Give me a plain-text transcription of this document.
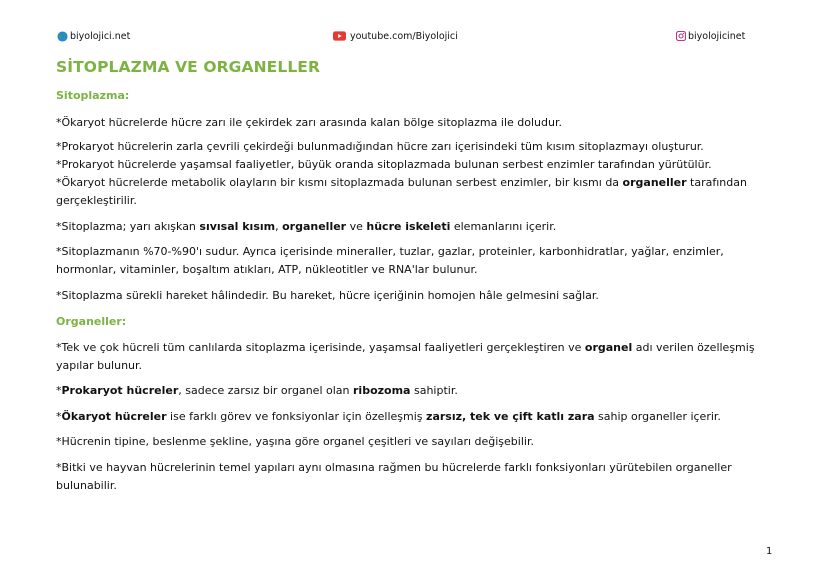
biyolojici.net	youtube.com/Biyolojici	biyolojicinet
SİTOPLAZMA VE ORGANELLER
Sitoplazma:
*Ökaryot hücrelerde hücre zarı ile çekirdek zarı arasında kalan bölge sitoplazma ile doludur.
*Prokaryot hücrelerin zarla çevrili çekirdeği bulunmadığından hücre zarı içerisindeki tüm kısım sitoplazmayı oluşturur.
*Prokaryot hücrelerde yaşamsal faaliyetler, büyük oranda sitoplazmada bulunan serbest enzimler tarafından yürütülür.
*Ökaryot hücrelerde metabolik olayların bir kısmı sitoplazmada bulunan serbest enzimler, bir kısmı da organeller tarafından gerçekleştirilir.
*Sitoplazma; yarı akışkan sıvısal kısım, organeller ve hücre iskeleti elemanlarını içerir.
*Sitoplazmanın %70-%90'ı sudur. Ayrıca içerisinde mineraller, tuzlar, gazlar, proteinler, karbonhidratlar, yağlar, enzimler, hormonlar, vitaminler, boşaltım atıkları, ATP, nükleotitler ve RNA'lar bulunur.
*Sitoplazma sürekli hareket hâlindedir. Bu hareket, hücre içeriğinin homojen hâle gelmesini sağlar.
Organeller:
*Tek ve çok hücreli tüm canlılarda sitoplazma içerisinde, yaşamsal faaliyetleri gerçekleştiren ve organel adı verilen özelleşmiş yapılar bulunur.
*Prokaryot hücreler, sadece zarsız bir organel olan ribozoma sahiptir.
*Ökaryot hücreler ise farklı görev ve fonksiyonlar için özelleşmiş zarsız, tek ve çift katlı zara sahip organeller içerir.
*Hücrenin tipine, beslenme şekline, yaşına göre organel çeşitleri ve sayıları değişebilir.
*Bitki ve hayvan hücrelerinin temel yapıları aynı olmasına rağmen bu hücrelerde farklı fonksiyonları yürütebilen organeller bulunabilir.
1
